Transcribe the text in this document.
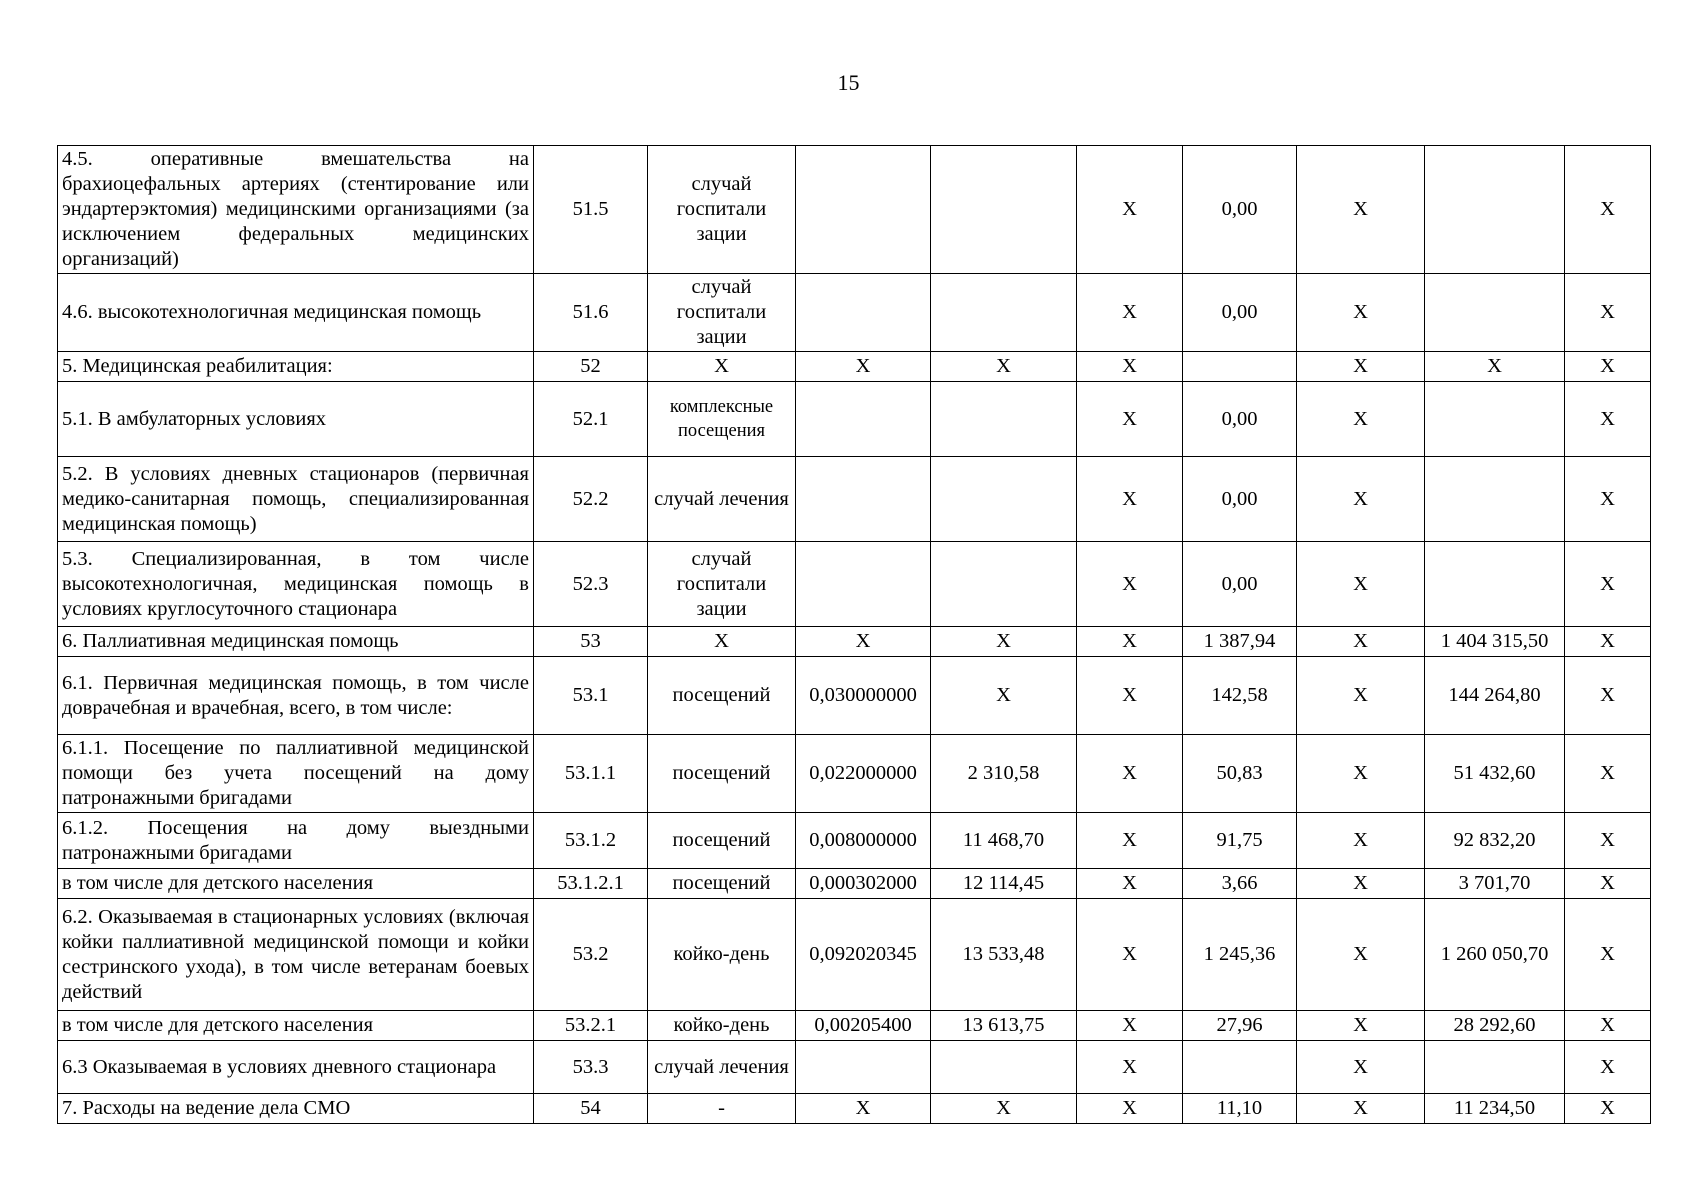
15
4.5. оперативные вмешательства на брахиоцефальных артериях (стентирование или эндартерэктомия) медицинскими организациями (за исключением федеральных медицинских организаций)	51.5	случай госпитали зации			X	0,00	X		X
4.6. высокотехнологичная медицинская помощь	51.6	случай госпитали зации			X	0,00	X		X
5. Медицинская реабилитация:	52	X	X	X	X		X	X	X
5.1. В амбулаторных условиях	52.1	комплексные посещения			X	0,00	X		X
5.2. В условиях дневных стационаров (первичная медико-санитарная помощь, специализированная медицинская помощь)	52.2	случай лечения			X	0,00	X		X
5.3. Специализированная, в том числе высокотехнологичная, медицинская помощь в условиях круглосуточного стационара	52.3	случай госпитали зации			X	0,00	X		X
6. Паллиативная медицинская помощь	53	X	X	X	X	1 387,94	X	1 404 315,50	X
6.1. Первичная медицинская помощь, в том числе доврачебная и врачебная, всего, в том числе:	53.1	посещений	0,030000000	X	X	142,58	X	144 264,80	X
6.1.1. Посещение по паллиативной медицинской помощи без учета посещений на дому патронажными бригадами	53.1.1	посещений	0,022000000	2 310,58	X	50,83	X	51 432,60	X
6.1.2. Посещения на дому выездными патронажными бригадами	53.1.2	посещений	0,008000000	11 468,70	X	91,75	X	92 832,20	X
в том числе для детского населения	53.1.2.1	посещений	0,000302000	12 114,45	X	3,66	X	3 701,70	X
6.2. Оказываемая в стационарных условиях (включая койки паллиативной медицинской помощи и койки сестринского ухода), в том числе ветеранам боевых действий	53.2	койко-день	0,092020345	13 533,48	X	1 245,36	X	1 260 050,70	X
в том числе для детского населения	53.2.1	койко-день	0,00205400	13 613,75	X	27,96	X	28 292,60	X
6.3 Оказываемая в условиях дневного стационара	53.3	случай лечения			X		X		X
7. Расходы на ведение дела СМО	54	-	X	X	X	11,10	X	11 234,50	X
